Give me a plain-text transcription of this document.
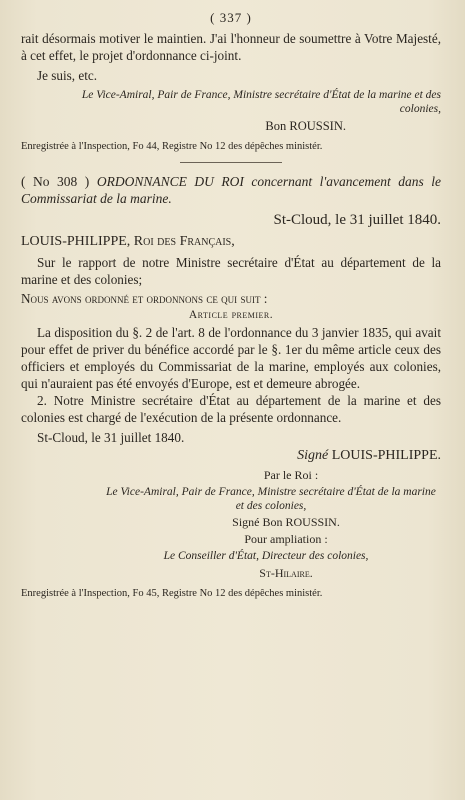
( 337 )

rait désormais motiver le maintien. J'ai l'honneur de soumettre à Votre Majesté, à cet effet, le projet d'ordonnance ci-joint.

Je suis, etc.

Le Vice-Amiral, Pair de France, Ministre secrétaire d'État de la marine et des colonies,

Bon ROUSSIN.

Enregistrée à l'Inspection, Fo 44, Registre No 12 des dépêches ministér.

( No 308 ) ORDONNANCE DU ROI concernant l'avancement dans le Commissariat de la marine.

St-Cloud, le 31 juillet 1840.

LOUIS-PHILIPPE, Roi des Français,

Sur le rapport de notre Ministre secrétaire d'État au département de la marine et des colonies;

Nous avons ordonné et ordonnons ce qui suit :

Article premier.

La disposition du §. 2 de l'art. 8 de l'ordonnance du 3 janvier 1835, qui avait pour effet de priver du bénéfice accordé par le §. 1er du même article ceux des officiers et employés du Commissariat de la marine, employés aux colonies, qui n'auraient pas été envoyés d'Europe, est et demeure abrogée.

2. Notre Ministre secrétaire d'État au département de la marine et des colonies est chargé de l'exécution de la présente ordonnance.

St-Cloud, le 31 juillet 1840.

Signé LOUIS-PHILIPPE.

Par le Roi :

Le Vice-Amiral, Pair de France, Ministre secrétaire d'État de la marine et des colonies,

Signé Bon ROUSSIN.

Pour ampliation :

Le Conseiller d'État, Directeur des colonies,

St-Hilaire.

Enregistrée à l'Inspection, Fo 45, Registre No 12 des dépêches ministér.
